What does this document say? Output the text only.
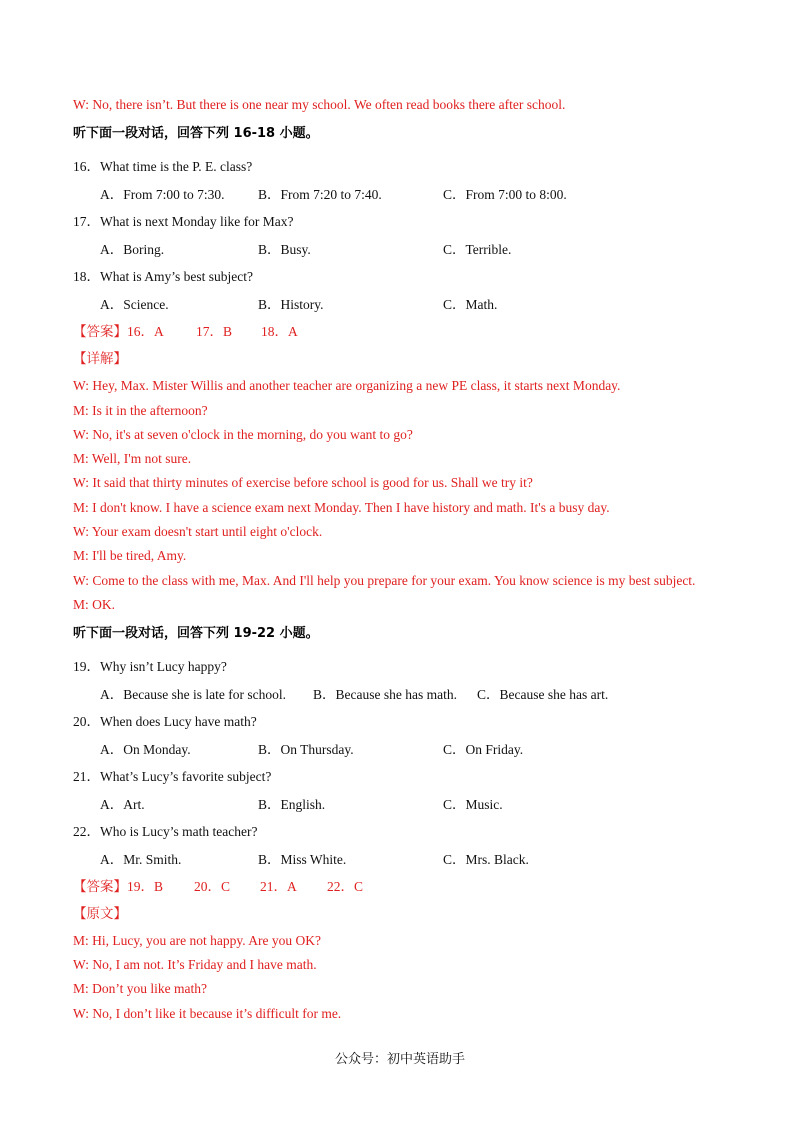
W: No, there isn’t. But there is one near my school. We often read books there after school.
听下面一段对话，回答下列 16-18 小题。
16．What time is the P. E. class?
A．From 7:00 to 7:30. B．From 7:20 to 7:40.	C．From 7:00 to 8:00.
17．What is next Monday like for Max?
A．Boring.	B．Busy.	C．Terrible.
18．What is Amy’s best subject?
A．Science.	B．History.	C．Math.
【答案】16．A 17．B 18．A
【详解】
W: Hey, Max. Mister Willis and another teacher are organizing a new PE class, it starts next Monday.
M: Is it in the afternoon?
W: No, it's at seven o'clock in the morning, do you want to go?
M: Well, I'm not sure.
W: It said that thirty minutes of exercise before school is good for us. Shall we try it?
M: I don't know. I have a science exam next Monday. Then I have history and math. It's a busy day.
W: Your exam doesn't start until eight o'clock.
M: I'll be tired, Amy.
W: Come to the class with me, Max. And I'll help you prepare for your exam. You know science is my best subject.
M: OK.
听下面一段对话，回答下列 19-22 小题。
19．Why isn’t Lucy happy?
A．Because she is late for school. B．Because she has math. C．Because she has art.
20．When does Lucy have math?
A．On Monday.	B．On Thursday.	C．On Friday.
21．What’s Lucy’s favorite subject?
A．Art.	B．English.	C．Music.
22．Who is Lucy’s math teacher?
A．Mr. Smith.	B．Miss White.	C．Mrs. Black.
【答案】19．B 20．C 21．A 22．C
【原文】
M: Hi, Lucy, you are not happy. Are you OK?
W: No, I am not. It’s Friday and I have math.
M: Don’t you like math?
W: No, I don’t like it because it’s difficult for me.
公众号：初中英语助手
